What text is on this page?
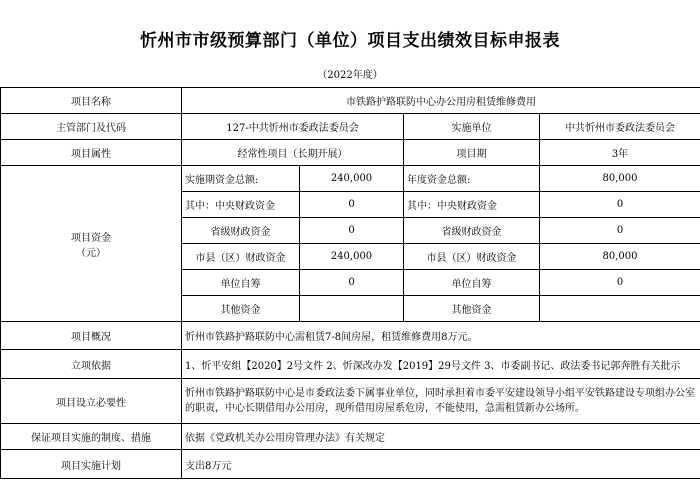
忻州市市级预算部门（单位）项目支出绩效目标申报表
（2022年度）
项目名称	市铁路护路联防中心办公用房租赁维修费用			
主管部门及代码	127-中共忻州市委政法委员会		实施单位	中共忻州市委政法委员会
项目属性	经常性项目（长期开展）		项目期	3年

项目资金
（元）	实施期资金总额:	240,000	年度资金总额:	80,000
	其中：中央财政资金	0	其中：中央财政资金	0
	省级财政资金	0	省级财政资金	0
	市县（区）财政资金	240,000	市县（区）财政资金	80,000
	单位自筹	0	单位自筹	0
	其他资金		其他资金	
项目概况	忻州市铁路护路联防中心需租赁7-8间房屋，租赁维修费用8万元。			
立项依据	1、忻平安组【2020】2号文件 2、忻深改办发【2019】29号文件 3、市委副书记、政法委书记郭奔胜有关批示			
项目设立必要性	忻州市铁路护路联防中心是市委政法委下属事业单位，同时承担着市委平安建设领导小组平安铁路建设专项组办公室的职责，中心长期借用办公用房，现所借用房屋系危房，不能使用，急需租赁新办公场所。			
保证项目实施的制度、措施	依据《党政机关办公用房管理办法》有关规定			
项目实施计划	支出8万元			
